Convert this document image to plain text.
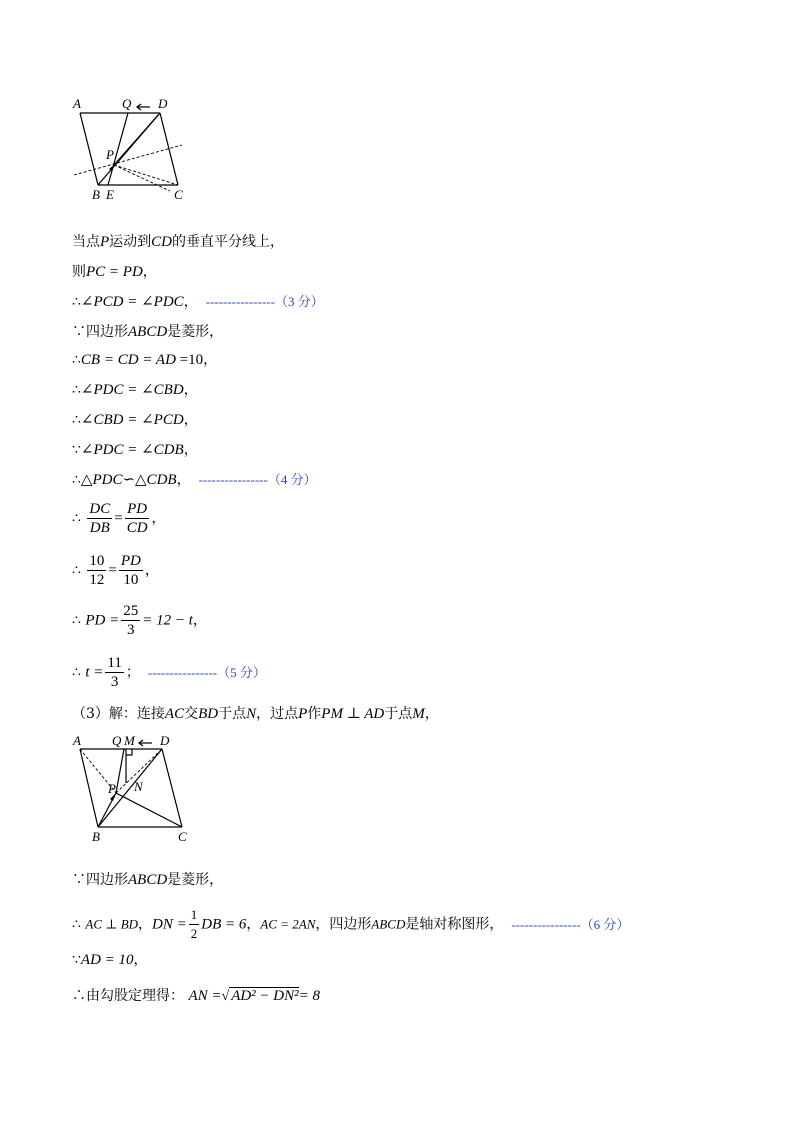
A	Q D
P
B E	C
当点P运动到CD的垂直平分线上，
则PC = PD，
∴∠PCD = ∠PDC， ----------------（3 分）
∵四边形ABCD是菱形，
∴CB = CD = AD =10，
∴∠PDC = ∠CBD，
∴∠CBD = ∠PCD，
∵∠PDC = ∠CDB，
∴△PDC∽△CDB， ----------------（4 分）
∴ $\frac{DC}{DB} = \frac{PD}{CD}$ ，
∴ $\frac{10}{12} = \frac{PD}{10}$ ，
∴ PD = $\frac{25}{3} = 12 - t$，
∴ $t = \frac{11}{3}$ ； ----------------（5 分）
（3）解：连接AC交BD于点N，过点P作PM ⊥ AD于点M，
A Q M D
P N
B	C
∵四边形ABCD是菱形，
∴ AC ⊥ BD，DN = $\frac{1}{2}$ DB = 6，AC = 2AN，四边形ABCD是轴对称图形， ----------------（6 分）
∵AD = 10，
∴由勾股定理得： AN =√ AD² − DN²= 8
